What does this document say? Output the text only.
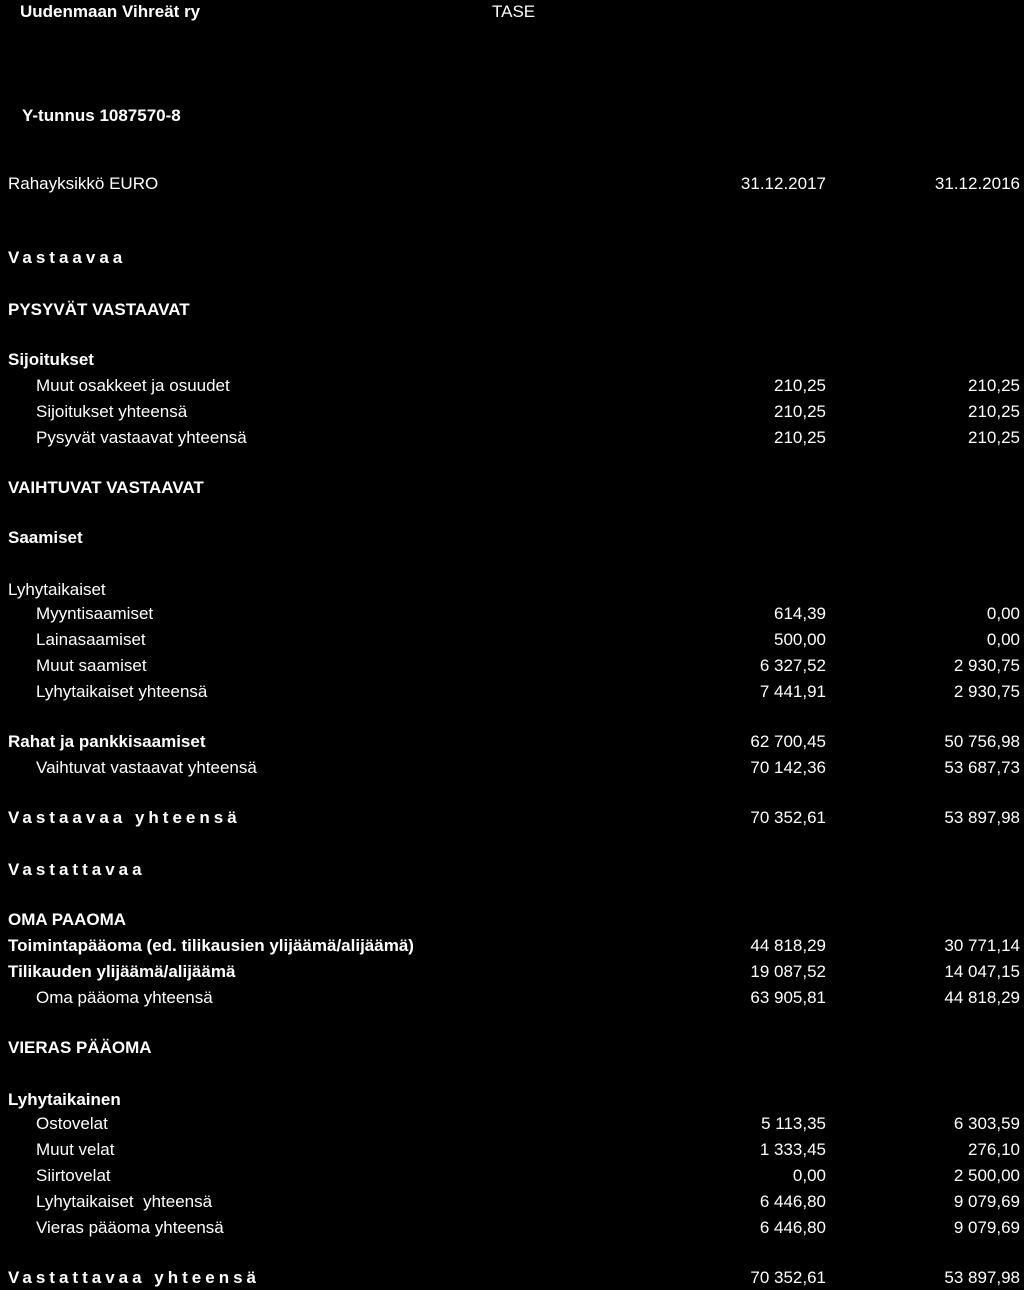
Uudenmaan Vihreät ry	TASE
Y-tunnus 1087570-8
Rahayksikkö EURO	31.12.2017	31.12.2016
Vastaavaa
PYSYVÄT VASTAAVAT
Sijoitukset
Muut osakkeet ja osuudet	210,25	210,25
Sijoitukset yhteensä	210,25	210,25
Pysyvät vastaavat yhteensä	210,25	210,25
VAIHTUVAT VASTAAVAT
Saamiset
Lyhytaikaiset
Myyntisaamiset	614,39	0,00
Lainasaamiset	500,00	0,00
Muut saamiset	6 327,52	2 930,75
Lyhytaikaiset yhteensä	7 441,91	2 930,75
Rahat ja pankkisaamiset	62 700,45	50 756,98
Vaihtuvat vastaavat yhteensä	70 142,36	53 687,73
Vastaavaa yhteensä	70 352,61	53 897,98
Vastattavaa
OMA PAAOMA
Toimintapääoma (ed. tilikausien ylijäämä/alijäämä)	44 818,29	30 771,14
Tilikauden ylijäämä/alijäämä	19 087,52	14 047,15
Oma pääoma yhteensä	63 905,81	44 818,29
VIERAS PÄÄOMA
Lyhytaikainen
Ostovelat	5 113,35	6 303,59
Muut velat	1 333,45	276,10
Siirtovelat	0,00	2 500,00
Lyhytaikaiset  yhteensä	6 446,80	9 079,69
Vieras pääoma yhteensä	6 446,80	9 079,69
Vastattavaa yhteensä	70 352,61	53 897,98
